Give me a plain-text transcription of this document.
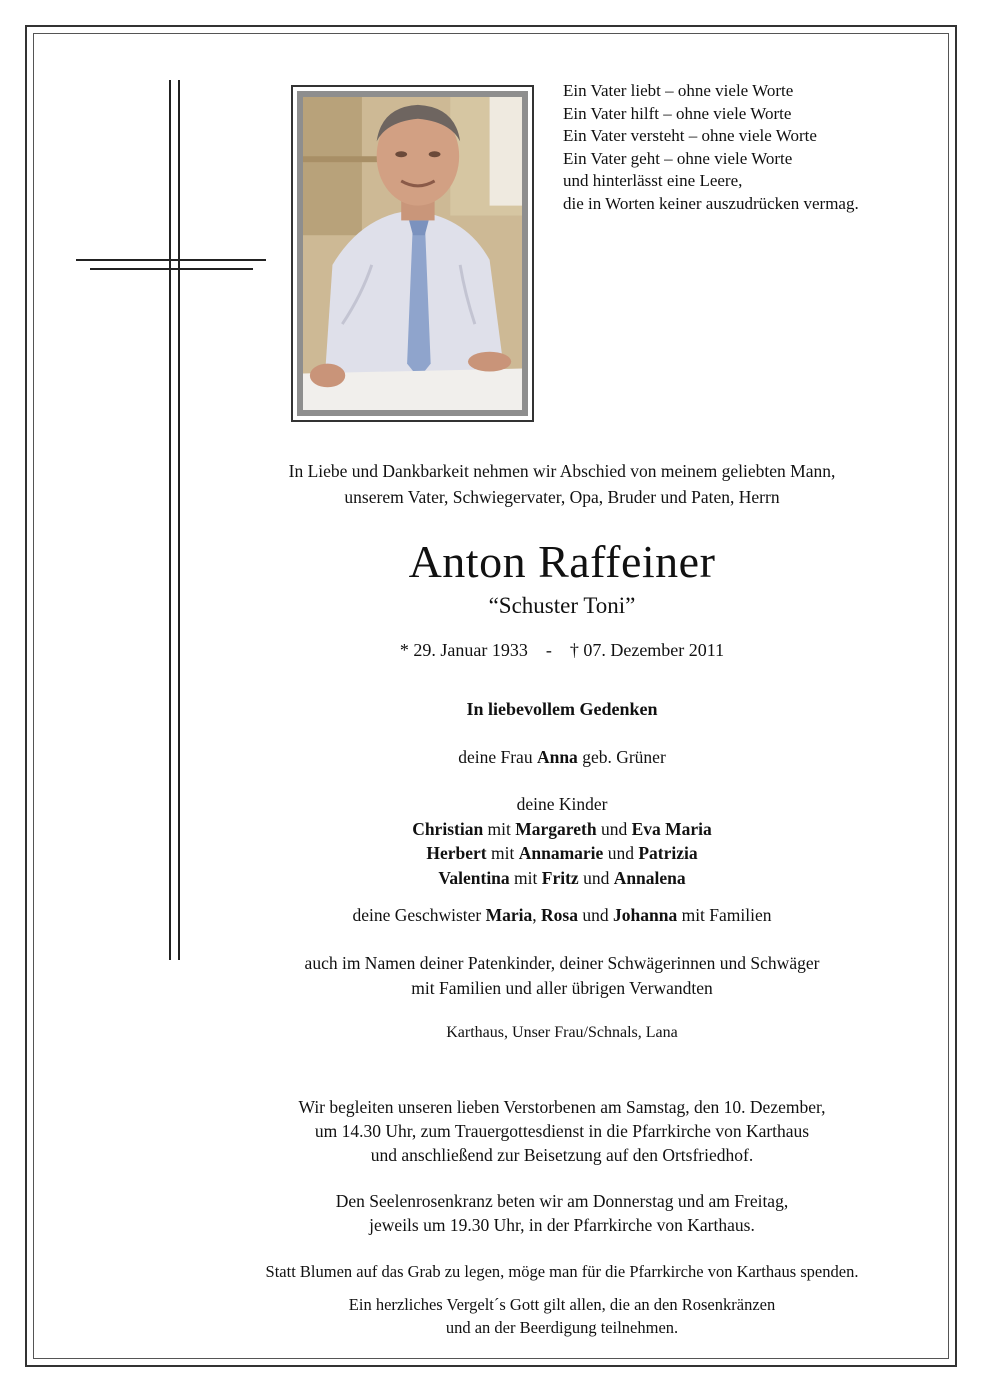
Ein Vater liebt – ohne viele Worte
Ein Vater hilft – ohne viele Worte
Ein Vater versteht – ohne viele Worte
Ein Vater geht – ohne viele Worte
und hinterlässt eine Leere,
die in Worten keiner auszudrücken vermag.
In Liebe und Dankbarkeit nehmen wir Abschied von meinem geliebten Mann,
unserem Vater, Schwiegervater, Opa, Bruder und Paten, Herrn
Anton Raffeiner
“Schuster Toni”
* 29. Januar 1933 - † 07. Dezember 2011
In liebevollem Gedenken
deine Frau Anna geb. Grüner
deine Kinder
Christian mit Margareth und Eva Maria
Herbert mit Annamarie und Patrizia
Valentina mit Fritz und Annalena
deine Geschwister Maria, Rosa und Johanna mit Familien
auch im Namen deiner Patenkinder, deiner Schwägerinnen und Schwäger
mit Familien und aller übrigen Verwandten
Karthaus, Unser Frau/Schnals, Lana
Wir begleiten unseren lieben Verstorbenen am Samstag, den 10. Dezember,
um 14.30 Uhr, zum Trauergottesdienst in die Pfarrkirche von Karthaus
und anschließend zur Beisetzung auf den Ortsfriedhof.
Den Seelenrosenkranz beten wir am Donnerstag und am Freitag,
jeweils um 19.30 Uhr, in der Pfarrkirche von Karthaus.
Statt Blumen auf das Grab zu legen, möge man für die Pfarrkirche von Karthaus spenden.
Ein herzliches Vergelt´s Gott gilt allen, die an den Rosenkränzen
und an der Beerdigung teilnehmen.
